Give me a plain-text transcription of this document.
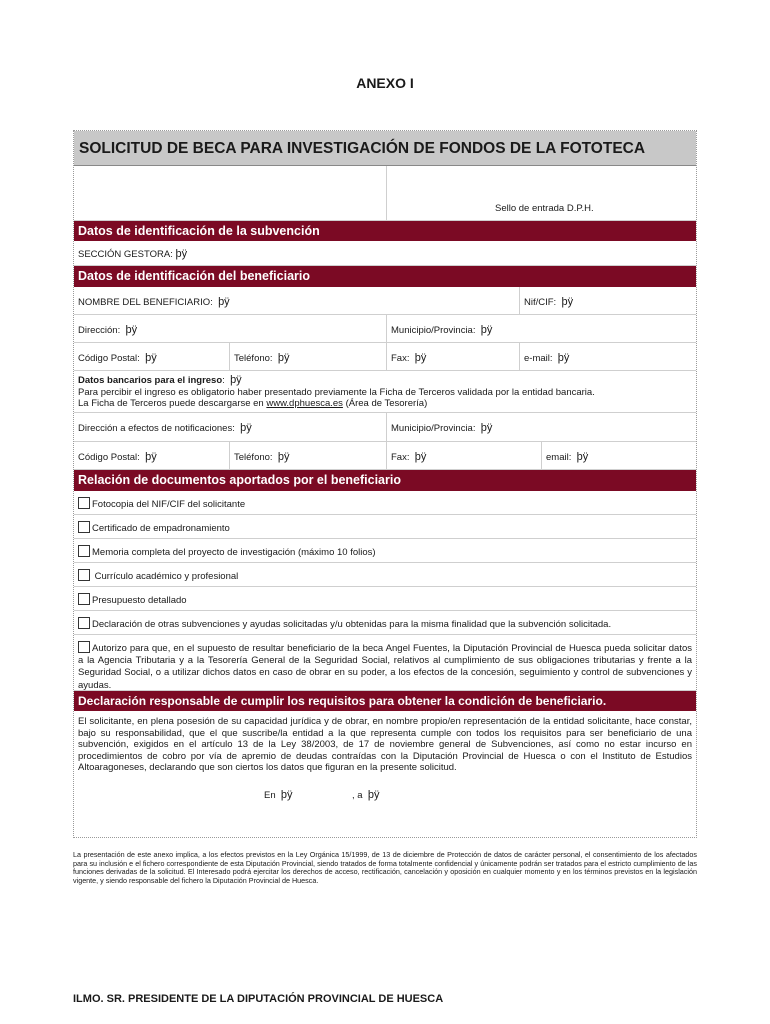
ANEXO I
SOLICITUD DE BECA PARA INVESTIGACIÓN DE FONDOS DE LA FOTOTECA
Sello de entrada D.P.H.
Datos de identificación de la subvención
SECCIÓN GESTORA: þÿ
Datos de identificación del beneficiario
NOMBRE DEL BENEFICIARIO: þÿ	Nif/CIF: þÿ
Dirección: þÿ	Municipio/Provincia: þÿ
Código Postal: þÿ	Teléfono: þÿ	Fax: þÿ	e-mail: þÿ
Datos bancarios para el ingreso:  þÿ
Para percibir el ingreso es obligatorio haber presentado previamente la Ficha de Terceros validada por la entidad bancaria.
La Ficha de Terceros puede descargarse en www.dphuesca.es (Área de Tesorería)
Dirección a efectos de notificaciones: þÿ	Municipio/Provincia: þÿ
Código Postal: þÿ	Teléfono: þÿ	Fax: þÿ	email: þÿ
Relación de documentos aportados por el beneficiario
Fotocopia del NIF/CIF del solicitante
Certificado de empadronamiento
Memoria completa del proyecto de investigación (máximo 10 folios)
Currículo académico y profesional
Presupuesto detallado
Declaración de otras subvenciones y ayudas solicitadas y/u obtenidas para la misma finalidad que la subvención solicitada.
Autorizo para que, en el supuesto de resultar beneficiario de la beca Angel Fuentes, la Diputación Provincial de Huesca pueda solicitar datos a la Agencia Tributaria y a la Tesorería General de la Seguridad Social, relativos al cumplimiento de sus obligaciones tributarias y frente a la Seguridad Social, o a utilizar dichos datos en caso de obrar en su poder, a los efectos de la concesión, seguimiento y control de subvenciones y ayudas.
Declaración responsable de cumplir los requisitos para obtener la condición de beneficiario.
El solicitante, en plena posesión de su capacidad jurídica y de obrar, en nombre propio/en representación de la entidad solicitante, hace constar, bajo su responsabilidad, que el que suscribe/la entidad a la que representa cumple con todos los requisitos para ser beneficiario de una subvención, exigidos en el artículo 13 de la Ley 38/2003, de 17 de noviembre general de Subvenciones, así como no estar incurso en procedimientos de cobro por vía de apremio de deudas contraídas con la Diputación Provincial de Huesca o con el Instituto de Estudios Altoaragoneses, declarando que son ciertos los datos que figuran en la presente solicitud.
En þÿ	, a þÿ
La presentación de este anexo implica, a los efectos previstos en la Ley Orgánica 15/1999, de 13 de diciembre de Protección de datos de carácter personal, el consentimiento de los afectados para su inclusión e el fichero correspondiente de esta Diputación Provincial, siendo tratados de forma totalmente confidencial y únicamente podrán ser tratados para el estricto cumplimiento de las funciones derivadas de la solicitud. El Interesado podrá ejercitar los derechos de acceso, rectificación, cancelación y oposición en cualquier momento y en los términos previstos en la legislación vigente, y siendo responsable del fichero la Diputación Provincial de Huesca.
ILMO. SR. PRESIDENTE DE LA DIPUTACIÓN PROVINCIAL DE HUESCA
